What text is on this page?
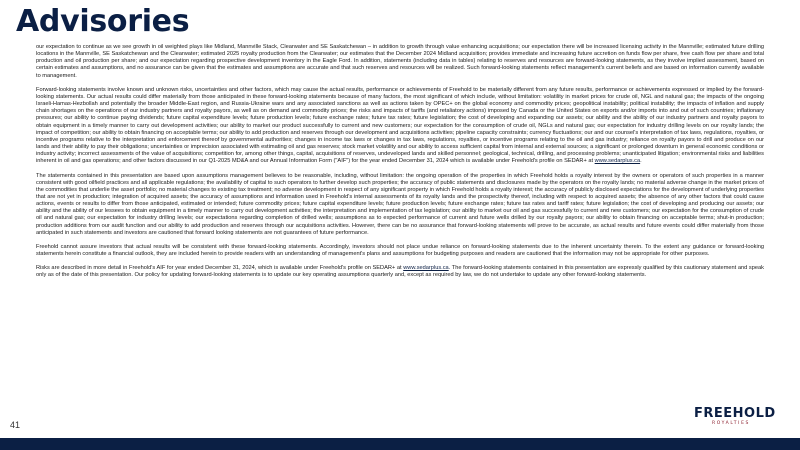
Advisories

our expectation to continue as we see growth in oil weighted plays like Midland, Mannville Stack, Clearwater and SE Saskatchewan – in addition to growth through value enhancing acquisitions; our expectation there will be increased licensing activity in the Mannville; estimated future drilling locations in the Mannville, SE Saskatchewan and the Clearwater; estimated 2025 royalty production from the Clearwater; our estimates that the December 2024 Midland acquisition; provides immediate and increasing future accretion on funds flow per share, free cash flow per share and total production and oil production per share; and our expectation regarding prospective development inventory in the Eagle Ford. In addition, statements (including data in tables) relating to reserves and resources are forward-looking statements, as they involve implied assessment, based on certain estimates and assumptions, and no assurance can be given that the estimates and assumptions are accurate and that such reserves and resources will be realized. Such forward-looking statements reflect management's current beliefs and are based on information currently available to management.

Forward-looking statements involve known and unknown risks, uncertainties and other factors, which may cause the actual results, performance or achievements of Freehold to be materially different from any future results, performance or achievements expressed or implied by the forward-looking statements. Our actual results could differ materially from those anticipated in these forward-looking statements because of many factors, the most significant of which include, without limitation: volatility in market prices for crude oil, NGL and natural gas; the impacts of the ongoing Israeli-Hamas-Hezbollah and potentially the broader Middle-East region, and Russia-Ukraine wars and any associated sanctions as well as actions taken by OPEC+ on the global economy and commodity prices; geopolitical instability; political instability; the impacts of inflation and supply chain shortages on the operations of our industry partners and royalty payors, as well as on demand and commodity prices; the risks and impacts of tariffs (and retaliatory actions) imposed by Canada or the United States on exports and/or imports into and out of such countries; inflationary pressures; our ability to continue paying dividends; future capital expenditure levels; future production levels; future exchange rates; future tax rates; future legislation; the cost of developing and expanding our assets; our ability and the ability of our industry partners and royalty payors to obtain equipment in a timely manner to carry out development activities; our ability to market our product successfully to current and new customers; our expectation for the consumption of crude oil, NGLs and natural gas; our expectation for industry drilling levels on our royalty lands; the impact of competition; our ability to obtain financing on acceptable terms; our ability to add production and reserves through our development and acquisitions activities; pipeline capacity constraints; currency fluctuations; our and our counsel's interpretation of tax laws, regulations, royalties, or incentive programs relative to the interpretation and enforcement thereof by governmental authorities; changes in income tax laws or changes in tax laws, regulations, royalties, or incentive programs relating to the oil and gas industry; reliance on royalty payors to drill and produce on our lands and their ability to pay their obligations; uncertainties or imprecision associated with estimating oil and gas reserves; stock market volatility and our ability to access sufficient capital from internal and external sources; a significant or prolonged downturn in general economic conditions or industry activity; incorrect assessments of the value of acquisitions; competition for, among other things, capital, acquisitions of reserves, undeveloped lands and skilled personnel; geological, technical, drilling, and processing problems; unanticipated litigation; environmental risks and liabilities inherent in oil and gas operations; and other factors discussed in our Q1-2025 MD&A and our Annual Information Form ("AIF") for the year ended December 31, 2024 which is available under Freehold's profile on SEDAR+ at www.sedarplus.ca.

The statements contained in this presentation are based upon assumptions management believes to be reasonable, including, without limitation: the ongoing operation of the properties in which Freehold holds a royalty interest by the owners or operators of such properties in a manner consistent with good oilfield practices and all applicable regulations; the availability of capital to such operators to further develop such properties; the accuracy of public statements and disclosures made by the operators on the royalty lands; no material adverse change in the market prices of the commodities that underlie the asset portfolio; no material changes to existing tax treatment; no adverse development in respect of any significant property in which Freehold holds a royalty interest; the accuracy of publicly disclosed expectations for the development of underlying properties that are not yet in production; integration of acquired assets; the accuracy of assumptions and information used in Freehold's internal assessments of its royalty lands and the prospectivity thereof, including with respect to acquired assets; the absence of any other factors that could cause actions, events or results to differ from those anticipated, estimated or intended; future commodity prices; future capital expenditure levels; future production levels; future exchange rates; future tax rates and tariff rates; future legislation; the cost of developing and producing our assets; our ability and the ability of our lessees to obtain equipment in a timely manner to carry out development activities; the interpretation and implementation of tax legislation; our ability to market our oil and gas successfully to current and new customers; our expectation for the consumption of crude oil and natural gas; our expectation for industry drilling levels; our expectations regarding completion of drilled wells; assumptions as to expected performance of current and future wells drilled by our royalty payors; our ability to obtain financing on acceptable terms; shut-in production; production additions from our audit function and our ability to add production and reserves through our acquisitions activities. However, there can be no assurance that forward-looking statements will prove to be accurate, as actual results and future events could differ materially from those anticipated in such statements and investors are cautioned that forward looking statements are not guarantees of future performance.

Freehold cannot assure investors that actual results will be consistent with these forward-looking statements. Accordingly, investors should not place undue reliance on forward-looking statements due to the inherent uncertainty therein. To the extent any guidance or forward-looking statements herein constitute a financial outlook, they are included herein to provide readers with an understanding of management's plans and assumptions for budgeting purposes and readers are cautioned that the information may not be appropriate for other purposes.

Risks are described in more detail in Freehold's AIF for year ended December 31, 2024, which is available under Freehold's profile on SEDAR+ at www.sedarplus.ca. The forward-looking statements contained in this presentation are expressly qualified by this cautionary statement and speak only as of the date of this presentation. Our policy for updating forward-looking statements is to update our key operating assumptions quarterly and, except as required by law, we do not undertake to update any other forward-looking statements.

41
FREEHOLD
ROYALTIES
